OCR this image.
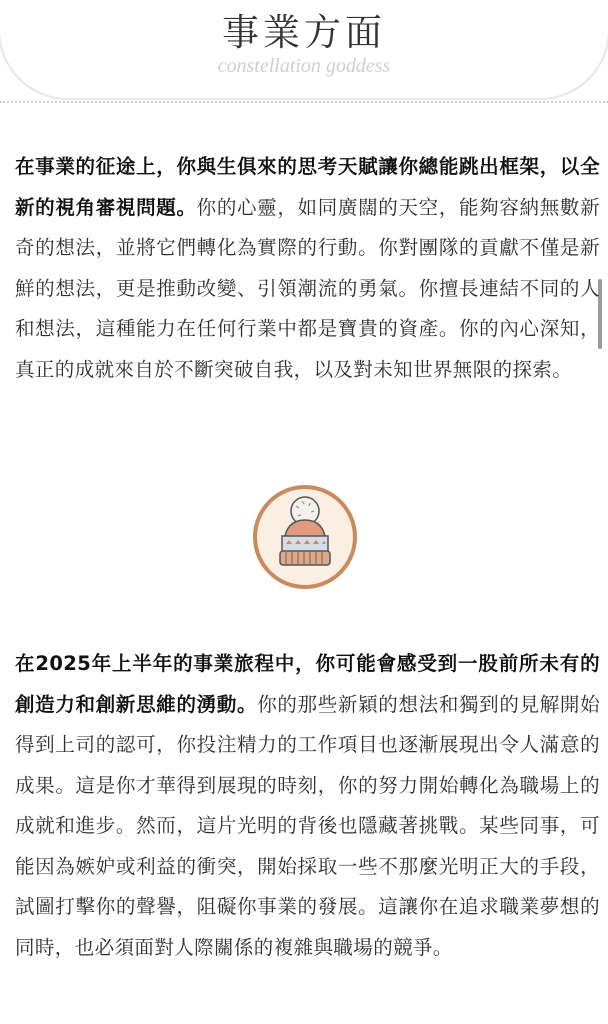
事業方面
constellation goddess
在事業的征途上，你與生俱來的思考天賦讓你總能跳出框架，以全新的視角審視問題。你的心靈，如同廣闊的天空，能夠容納無數新奇的想法，並將它們轉化為實際的行動。你對團隊的貢獻不僅是新鮮的想法，更是推動改變、引領潮流的勇氣。你擅長連結不同的人和想法，這種能力在任何行業中都是寶貴的資產。你的內心深知，真正的成就來自於不斷突破自我，以及對未知世界無限的探索。
在2025年上半年的事業旅程中，你可能會感受到一股前所未有的創造力和創新思維的湧動。你的那些新穎的想法和獨到的見解開始得到上司的認可，你投注精力的工作項目也逐漸展現出令人滿意的成果。這是你才華得到展現的時刻，你的努力開始轉化為職場上的成就和進步。然而，這片光明的背後也隱藏著挑戰。某些同事，可能因為嫉妒或利益的衝突，開始採取一些不那麼光明正大的手段，試圖打擊你的聲譽，阻礙你事業的發展。這讓你在追求職業夢想的同時，也必須面對人際關係的複雜與職場的競爭。
